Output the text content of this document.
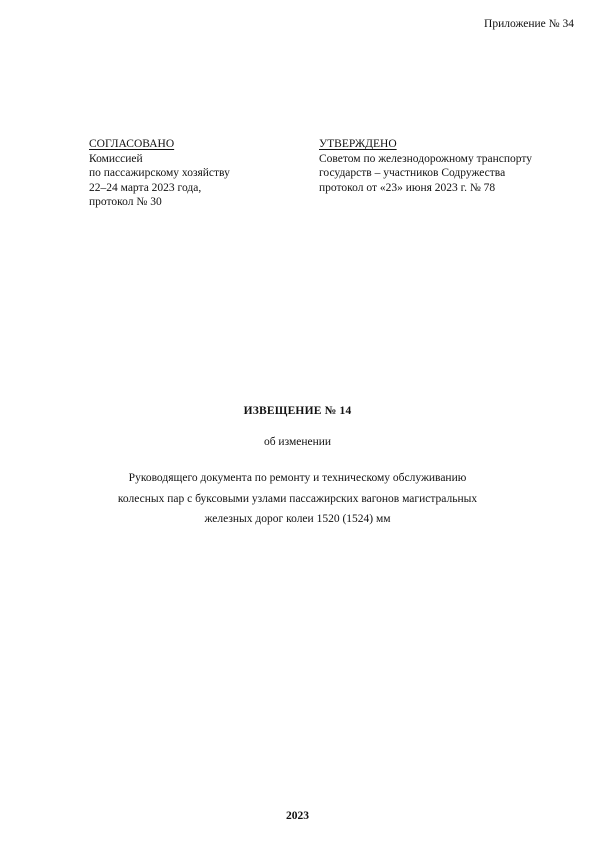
Приложение № 34
СОГЛАСОВАНО
Комиссией
по пассажирскому хозяйству
22–24 марта 2023 года,
протокол № 30
УТВЕРЖДЕНО
Советом по железнодорожному транспорту
государств – участников Содружества
протокол от «23» июня 2023 г. № 78
ИЗВЕЩЕНИЕ № 14
об изменении
Руководящего документа по ремонту и техническому обслуживанию
колесных пар с буксовыми узлами пассажирских вагонов магистральных
железных дорог колеи 1520 (1524) мм
2023
